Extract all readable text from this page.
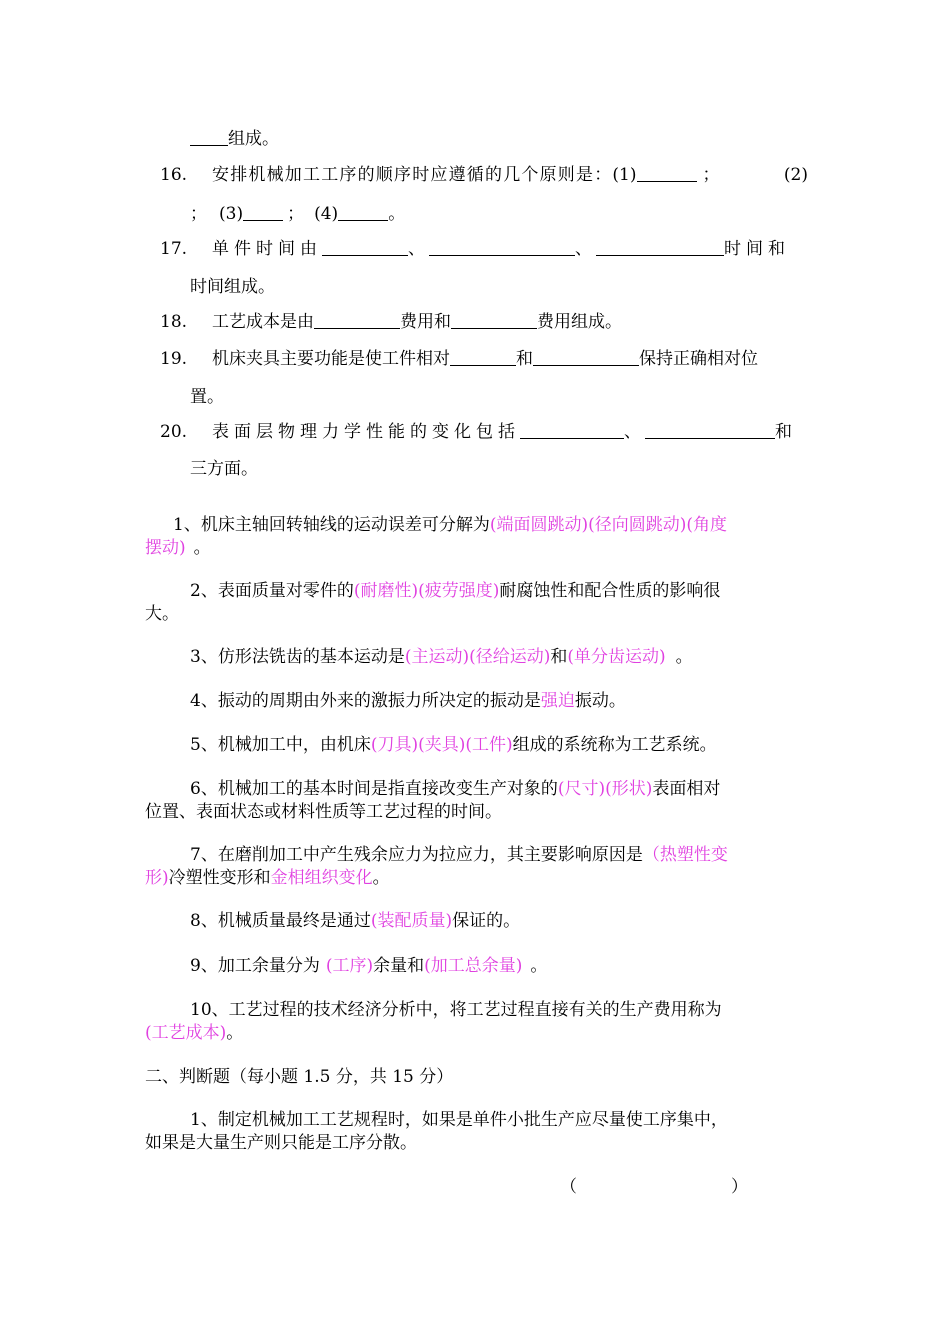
组成。
16. 安排机械加工工序的顺序时应遵循的几个原则是：(1)	；	(2)
； (3)	； (4)	。
17. 单件时间由	、	、	时间和
时间组成。
18. 工艺成本是由	费用和	费用组成。
19. 机床夹具主要功能是使工件相对	和	保持正确相对位
置。
20. 表面层物理力学性能的变化包括	、	和
三方面。
1、机床主轴回转轴线的运动误差可分解为(端面圆跳动)(径向圆跳动)(角度
摆动) 。
2、表面质量对零件的(耐磨性)(疲劳强度)耐腐蚀性和配合性质的影响很
大。
3、仿形法铣齿的基本运动是(主运动)(径给运动)和(单分齿运动) 。
4、振动的周期由外来的激振力所决定的振动是强迫振动。
5、机械加工中，由机床(刀具)(夹具)(工件)组成的系统称为工艺系统。
6、机械加工的基本时间是指直接改变生产对象的(尺寸)(形状)表面相对
位置、表面状态或材料性质等工艺过程的时间。
7、在磨削加工中产生残余应力为拉应力，其主要影响原因是（热塑性变
形)冷塑性变形和金相组织变化。
8、机械质量最终是通过(装配质量)保证的。
9、加工余量分为 (工序)余量和(加工总余量) 。
10、工艺过程的技术经济分析中，将工艺过程直接有关的生产费用称为
(工艺成本)。
二、判断题（每小题 1.5 分，共 15 分）
1、制定机械加工工艺规程时，如果是单件小批生产应尽量使工序集中，
如果是大量生产则只能是工序分散。
（	）
